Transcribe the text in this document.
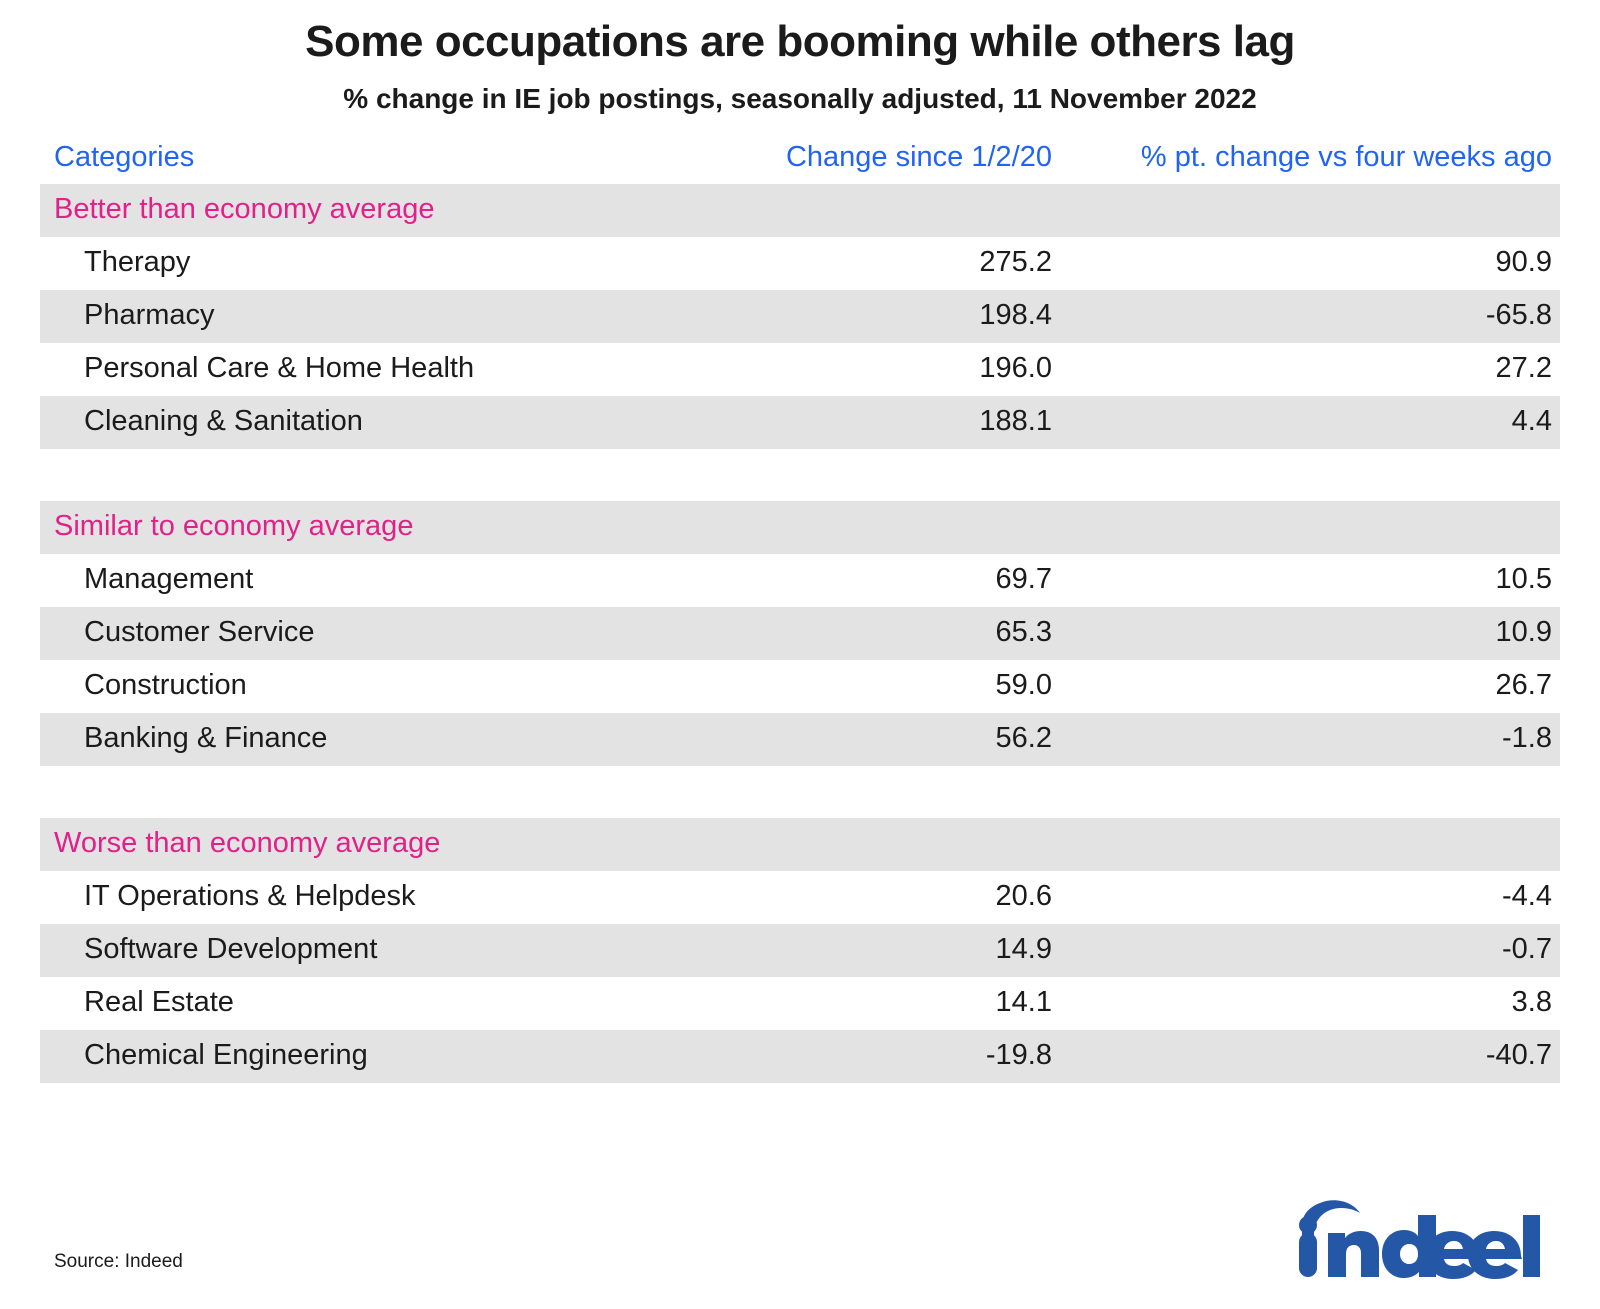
Some occupations are booming while others lag
% change in IE job postings, seasonally adjusted, 11 November 2022
Categories	Change since 1/2/20	% pt. change vs four weeks ago
Better than economy average		
Therapy	275.2	90.9
Pharmacy	198.4	-65.8
Personal Care & Home Health	196.0	27.2
Cleaning & Sanitation	188.1	4.4

Similar to economy average		
Management	69.7	10.5
Customer Service	65.3	10.9
Construction	59.0	26.7
Banking & Finance	56.2	-1.8

Worse than economy average		
IT Operations & Helpdesk	20.6	-4.4
Software Development	14.9	-0.7
Real Estate	14.1	3.8
Chemical Engineering	-19.8	-40.7
Source: Indeed
